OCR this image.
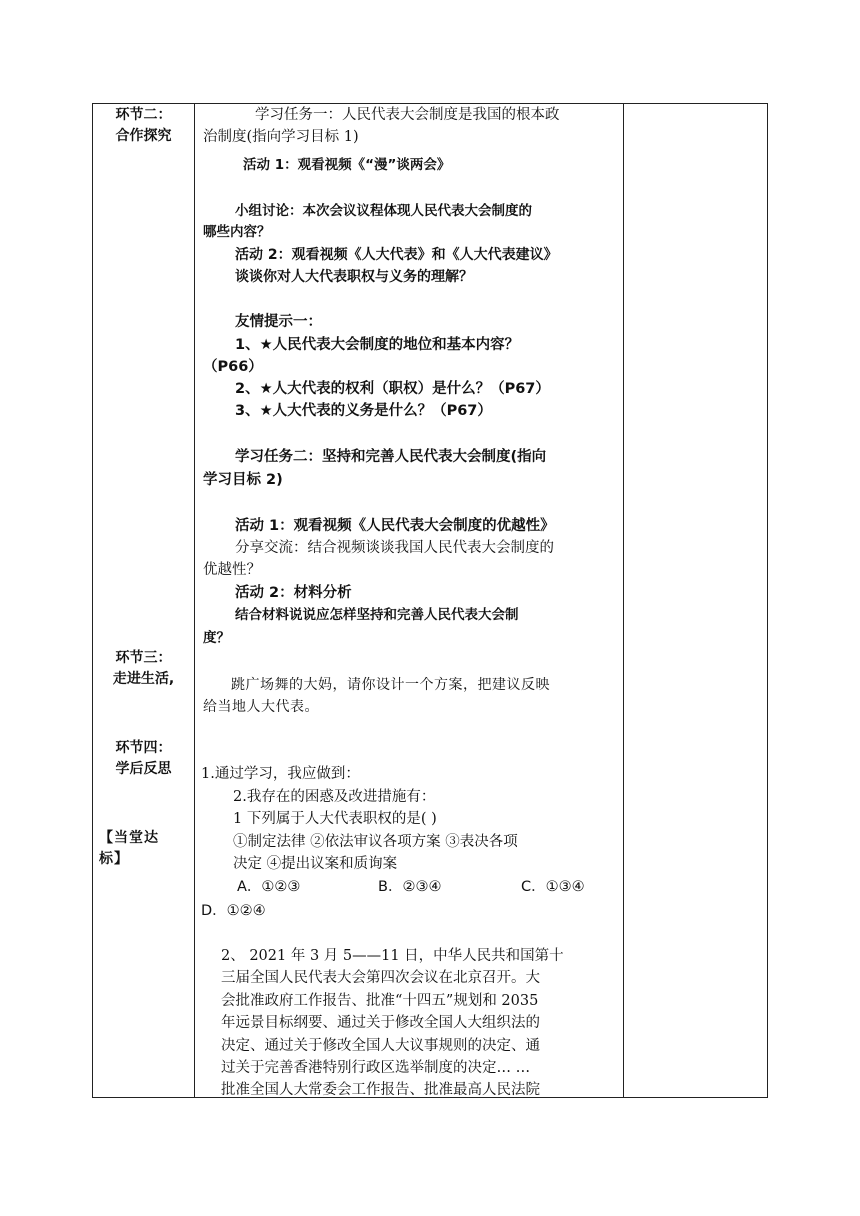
环节二：
合作探究
环节三：
走进生活,
环节四：
学后反思
【当堂达
标】
学习任务一：人民代表大会制度是我国的根本政
治制度(指向学习目标 1)
活动 1：观看视频《“漫”谈两会》
小组讨论：本次会议议程体现人民代表大会制度的
哪些内容？
活动 2：观看视频《人大代表》和《人大代表建议》
谈谈你对人大代表职权与义务的理解？
友情提示一：
1、★人民代表大会制度的地位和基本内容？
（P66）
2、★人大代表的权利（职权）是什么？（P67）
3、★人大代表的义务是什么？（P67）
学习任务二：坚持和完善人民代表大会制度(指向
学习目标 2)
活动 1：观看视频《人民代表大会制度的优越性》
分享交流：结合视频谈谈我国人民代表大会制度的
优越性？
活动 2：材料分析
结合材料说说应怎样坚持和完善人民代表大会制
度？
跳广场舞的大妈，请你设计一个方案，把建议反映
给当地人大代表。
1.通过学习，我应做到：
2.我存在的困惑及改进措施有：
1 下列属于人大代表职权的是( )
①制定法律 ②依法审议各项方案 ③表决各项
决定 ④提出议案和质询案
A．①②③	B．②③④	C．①③④
D．①②④
2、 2021 年 3 月 5——11 日，中华人民共和国第十
三届全国人民代表大会第四次会议在北京召开。大
会批准政府工作报告、批准“十四五”规划和 2035
年远景目标纲要、通过关于修改全国人大组织法的
决定、通过关于修改全国人大议事规则的决定、通
过关于完善香港特别行政区选举制度的决定… …
批准全国人大常委会工作报告、批准最高人民法院
